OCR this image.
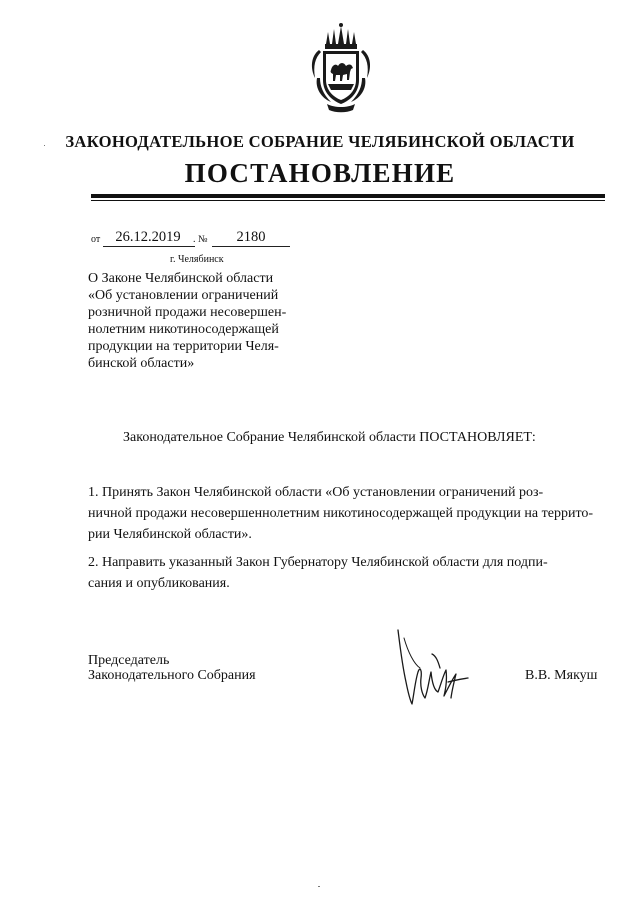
ЗАКОНОДАТЕЛЬНОЕ СОБРАНИЕ ЧЕЛЯБИНСКОЙ ОБЛАСТИ
ПОСТАНОВЛЕНИЕ
от	26.12.2019	. №	2180
г. Челябинск
О Законе Челябинской области
«Об установлении ограничений
розничной продажи несовершен-
нолетним никотиносодержащей
продукции на территории Челя-
бинской области»
Законодательное Собрание Челябинской области ПОСТАНОВЛЯЕТ:
1. Принять Закон Челябинской области «Об установлении ограничений роз-
ничной продажи несовершеннолетним никотиносодержащей продукции на террито-
рии Челябинской области».
2. Направить указанный Закон Губернатору Челябинской области для подпи-
сания и опубликования.
Председатель
Законодательного Собрания	В.В. Мякуш
